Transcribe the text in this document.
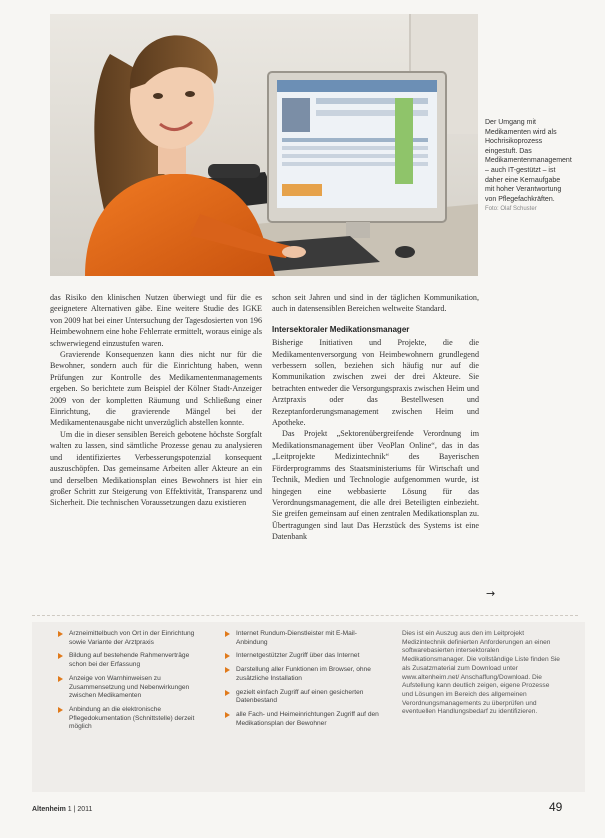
Der Umgang mit Medikamenten wird als Hochrisikoprozess eingestuft. Das Medikamentenmanagement – auch IT-gestützt – ist daher eine Kernaufgabe mit hoher Verantwortung von Pflegefachkräften.
Foto: Olaf Schuster

das Risiko den klinischen Nutzen überwiegt und für die es geeignetere Alternativen gäbe. Eine weitere Studie des IGKE von 2009 hat bei einer Untersuchung der Tagesdosierten von 196 Heimbewohnern eine hohe Fehlerrate ermittelt, woraus einige als schwerwiegend einzustufen waren.

Gravierende Konsequenzen kann dies nicht nur für die Bewohner, sondern auch für die Einrichtung haben, wenn Prüfungen zur Kontrolle des Medikamentenmanagements ergeben. So berichtete zum Beispiel der Kölner Stadt-Anzeiger 2009 von der kompletten Räumung und Schließung einer Einrichtung, die gravierende Mängel bei der Medikamentenausgabe nicht unverzüglich abstellen konnte.

Um die in dieser sensiblen Bereich gebotene höchste Sorgfalt walten zu lassen, sind sämtliche Prozesse genau zu analysieren und identifiziertes Verbesserungspotenzial konsequent auszuschöpfen. Das gemeinsame Arbeiten aller Akteure an ein und derselben Medikationsplan eines Bewohners ist hier ein großer Schritt zur Steigerung von Effektivität, Transparenz und Sicherheit. Die technischen Voraussetzungen dazu existieren

schon seit Jahren und sind in der täglichen Kommunikation, auch in datensensiblen Bereichen weltweite Standard.

Intersektoraler Medikationsmanager

Bisherige Initiativen und Projekte, die die Medikamentenversorgung von Heimbewohnern grundlegend verbessern sollen, beziehen sich häufig nur auf die Kommunikation zwischen zwei der drei Akteure. Sie betrachten entweder die Versorgungspraxis zwischen Heim und Arztpraxis oder das Bestellwesen und Rezeptanforderungsmanagement zwischen Heim und Apotheke.

Das Projekt „Sektorenübergreifende Verordnung im Medikationsmanagement über VeoPlan Online“, das in das „Leitprojekte Medizintechnik“ des Bayerischen Förderprogramms des Staatsministeriums für Wirtschaft und Technik, Medien und Technologie aufgenommen wurde, ist hingegen eine webbasierte Lösung für das Verordnungsmanagement, die alle drei Beteiligten einbezieht. Sie greifen gemeinsam auf einen zentralen Medikationsplan zu. Übertragungen sind laut Das Herzstück des Systems ist eine Datenbank

→
Arzneimittelbuch von Ort in der Einrichtung sowie Variante der Arztpraxis
Bildung auf bestehende Rahmenverträge schon bei der Erfassung
Anzeige von Warnhinweisen zu Zusammensetzung und Nebenwirkungen zwischen Medikamenten
Anbindung an die elektronische Pflegedokumentation (Schnittstelle) derzeit möglich
Internet Rundum-Dienstleister mit E-Mail-Anbindung
Internetgestützter Zugriff über das Internet
Darstellung aller Funktionen im Browser, ohne zusätzliche Installation
gezielt einfach Zugriff auf einen gesicherten Datenbestand
alle Fach- und Heimeinrichtungen Zugriff auf den Medikationsplan der Bewohner
Dies ist ein Auszug aus den im Leitprojekt Medizintechnik definierten Anforderungen an einen softwarebasierten intersektoralen Medikationsmanager. Die vollständige Liste finden Sie als Zusatzmaterial zum Download unter www.altenheim.net/ Anschaffung/Download. Die Aufstellung kann deutlich zeigen, eigene Prozesse und Lösungen im Bereich des allgemeinen Verordnungsmanagements zu überprüfen und eventuellen Handlungsbedarf zu identifizieren.
Altenheim 1 | 2011	49
